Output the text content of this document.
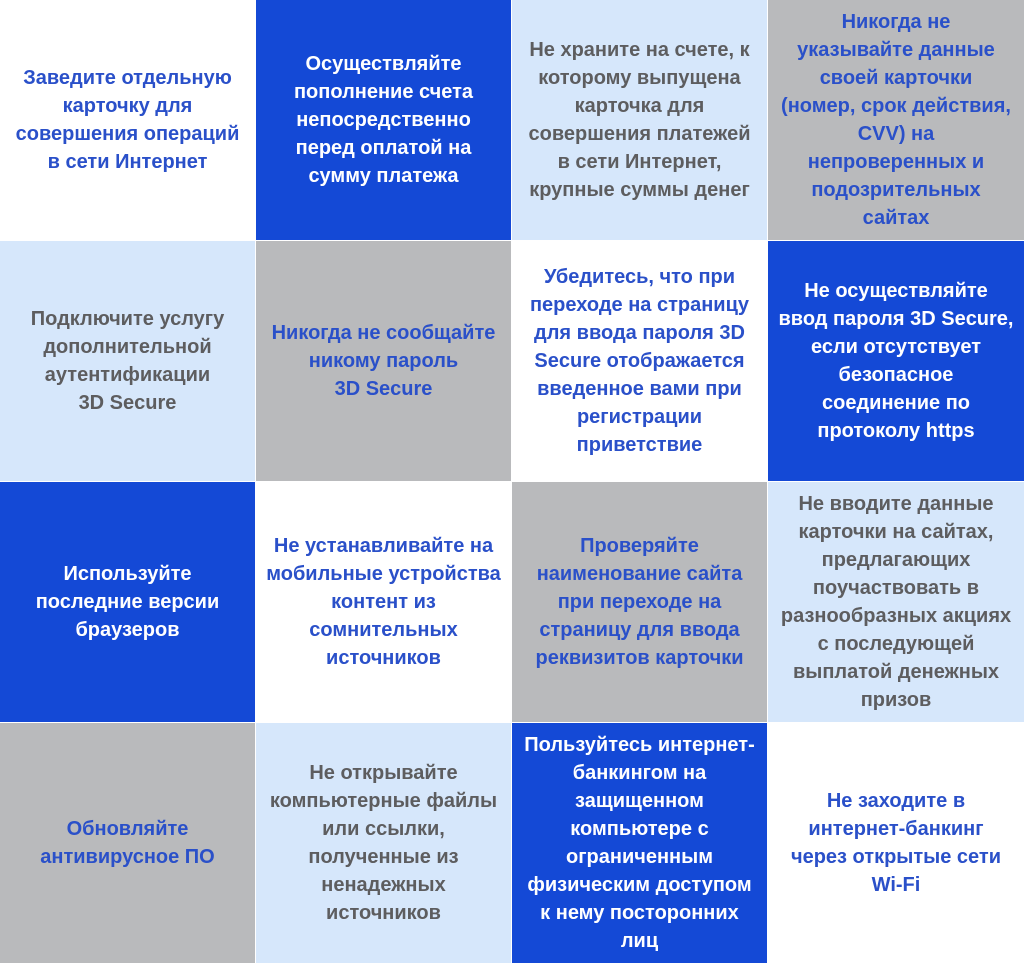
Заведите отдельную
карточку для
совершения операций
в сети Интернет
Осуществляйте
пополнение счета
непосредственно
перед оплатой на
сумму платежа
Не храните на счете, к
которому выпущена
карточка для
совершения платежей
в сети Интернет,
крупные суммы денег
Никогда не
указывайте данные
своей карточки
(номер, срок действия,
CVV) на
непроверенных и
подозрительных
сайтах
Подключите услугу
дополнительной
аутентификации
3D Secure
Никогда не сообщайте
никому пароль
3D Secure
Убедитесь, что при
переходе на страницу
для ввода пароля 3D
Secure отображается
введенное вами при
регистрации
приветствие
Не осуществляйте
ввод пароля 3D Secure,
если отсутствует
безопасное
соединение по
протоколу https
Используйте
последние версии
браузеров
Не устанавливайте на
мобильные устройства
контент из
сомнительных
источников
Проверяйте
наименование сайта
при переходе на
страницу для ввода
реквизитов карточки
Не вводите данные
карточки на сайтах,
предлагающих
поучаствовать в
разнообразных акциях
с последующей
выплатой денежных
призов
Обновляйте
антивирусное ПО
Не открывайте
компьютерные файлы
или ссылки,
полученные из
ненадежных
источников
Пользуйтесь интернет-
банкингом на
защищенном
компьютере с
ограниченным
физическим доступом
к нему посторонних
лиц
Не заходите в
интернет-банкинг
через открытые сети
Wi-Fi
